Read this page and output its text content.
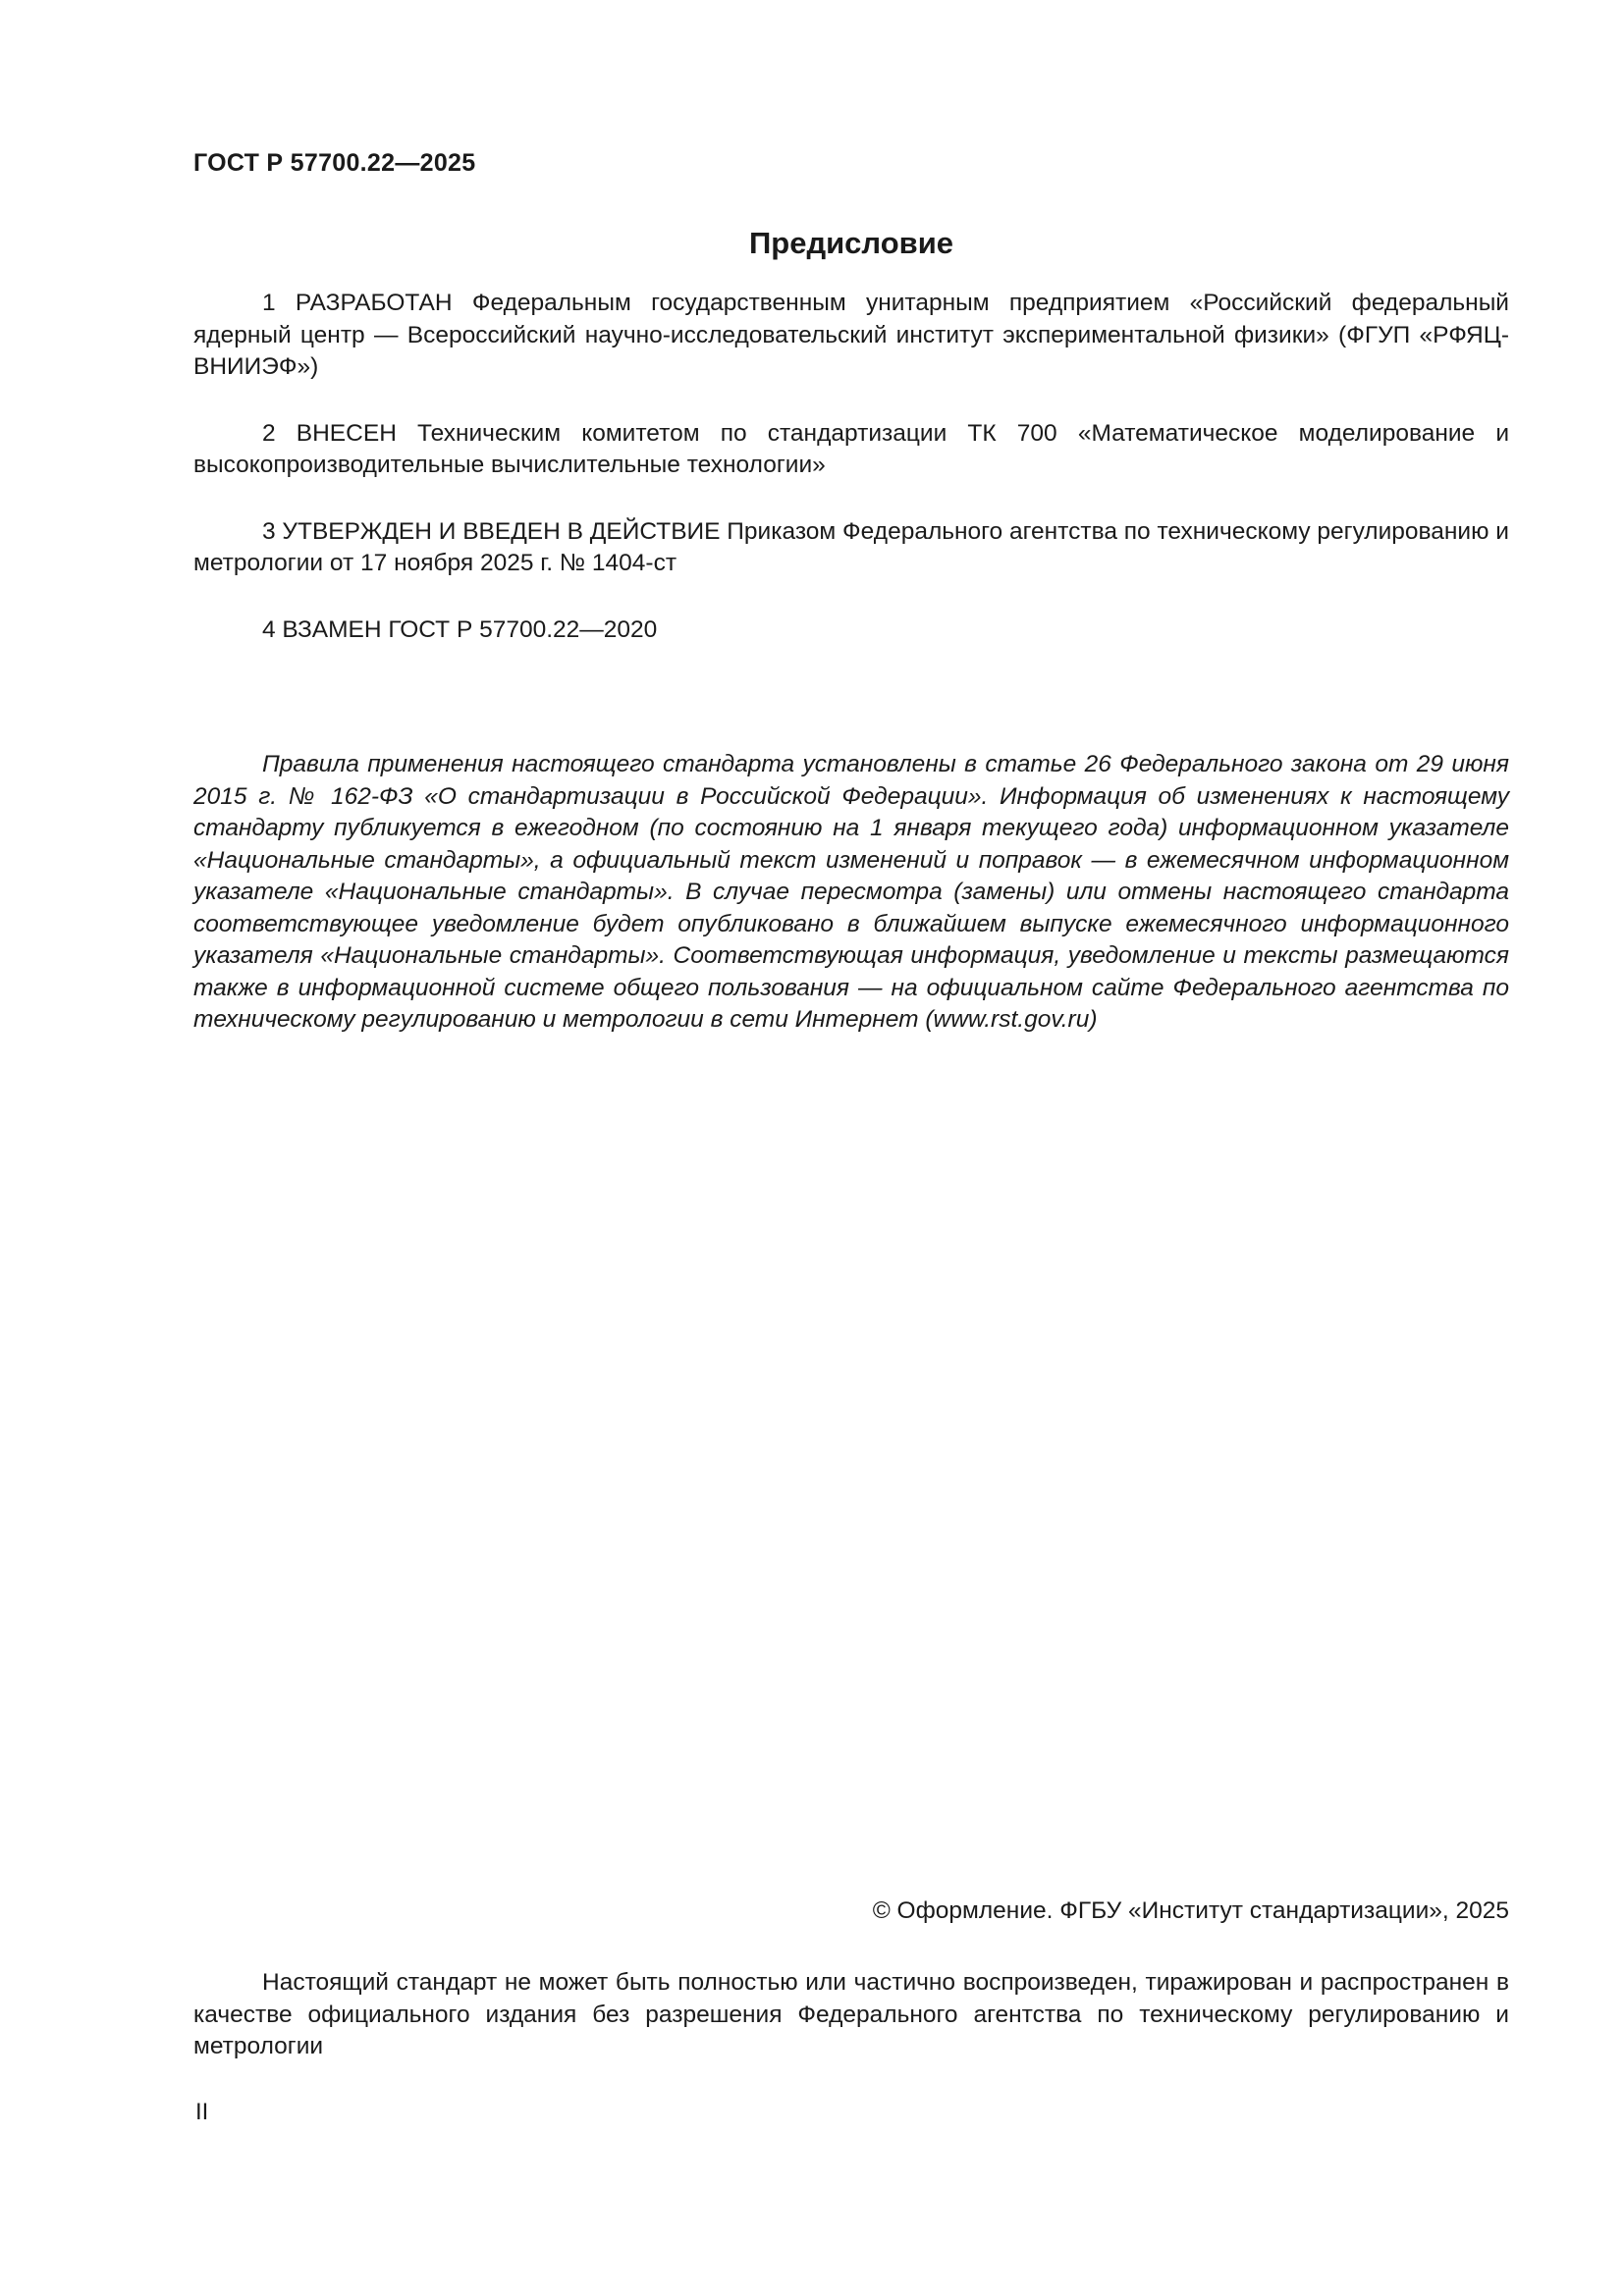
ГОСТ Р 57700.22—2025
Предисловие

1 РАЗРАБОТАН Федеральным государственным унитарным предприятием «Российский федеральный ядерный центр — Всероссийский научно-исследовательский институт экспериментальной физики» (ФГУП «РФЯЦ-ВНИИЭФ»)

2 ВНЕСЕН Техническим комитетом по стандартизации ТК 700 «Математическое моделирование и высокопроизводительные вычислительные технологии»

3 УТВЕРЖДЕН И ВВЕДЕН В ДЕЙСТВИЕ Приказом Федерального агентства по техническому регулированию и метрологии от 17 ноября 2025 г. № 1404-ст

4 ВЗАМЕН ГОСТ Р 57700.22—2020

Правила применения настоящего стандарта установлены в статье 26 Федерального закона от 29 июня 2015 г. № 162-ФЗ «О стандартизации в Российской Федерации». Информация об изменениях к настоящему стандарту публикуется в ежегодном (по состоянию на 1 января текущего года) информационном указателе «Национальные стандарты», а официальный текст изменений и поправок — в ежемесячном информационном указателе «Национальные стандарты». В случае пересмотра (замены) или отмены настоящего стандарта соответствующее уведомление будет опубликовано в ближайшем выпуске ежемесячного информационного указателя «Национальные стандарты». Соответствующая информация, уведомление и тексты размещаются также в информационной системе общего пользования — на официальном сайте Федерального агентства по техническому регулированию и метрологии в сети Интернет (www.rst.gov.ru)

© Оформление. ФГБУ «Институт стандартизации», 2025

Настоящий стандарт не может быть полностью или частично воспроизведен, тиражирован и распространен в качестве официального издания без разрешения Федерального агентства по техническому регулированию и метрологии

II
